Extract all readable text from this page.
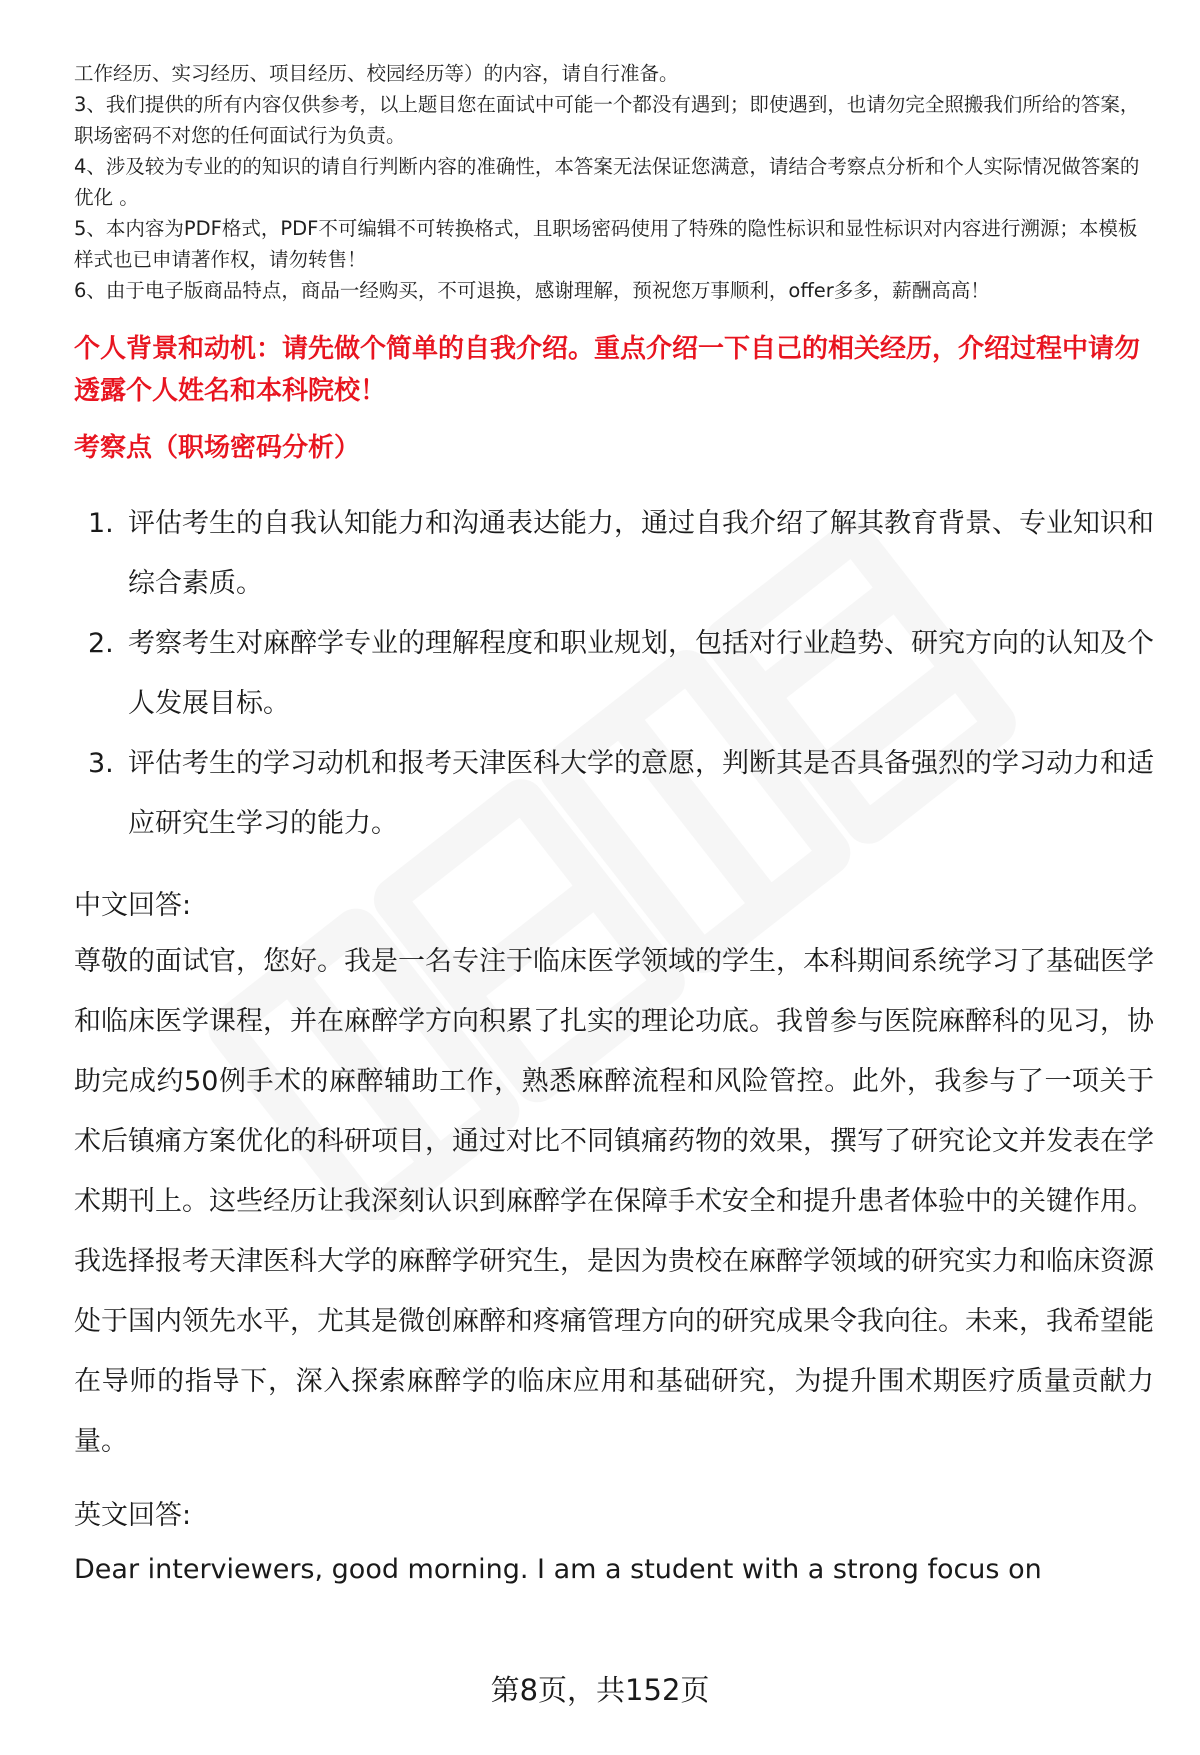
工作经历、实习经历、项目经历、校园经历等）的内容，请自行准备。
3、我们提供的所有内容仅供参考，以上题目您在面试中可能一个都没有遇到；即使遇到，也请勿完全照搬我们所给的答案，职场密码不对您的任何面试行为负责。
4、涉及较为专业的的知识的请自行判断内容的准确性，本答案无法保证您满意，请结合考察点分析和个人实际情况做答案的优化 。
5、本内容为PDF格式，PDF不可编辑不可转换格式，且职场密码使用了特殊的隐性标识和显性标识对内容进行溯源；本模板样式也已申请著作权，请勿转售！
6、由于电子版商品特点，商品一经购买，不可退换，感谢理解，预祝您万事顺利，offer多多，薪酬高高！
个人背景和动机：请先做个简单的自我介绍。重点介绍一下自己的相关经历，介绍过程中请勿透露个人姓名和本科院校！
考察点（职场密码分析）
1. 评估考生的自我认知能力和沟通表达能力，通过自我介绍了解其教育背景、专业知识和综合素质。
2. 考察考生对麻醉学专业的理解程度和职业规划，包括对行业趋势、研究方向的认知及个人发展目标。
3. 评估考生的学习动机和报考天津医科大学的意愿，判断其是否具备强烈的学习动力和适应研究生学习的能力。
中文回答:

尊敬的面试官，您好。我是一名专注于临床医学领域的学生，本科期间系统学习了基础医学和临床医学课程，并在麻醉学方向积累了扎实的理论功底。我曾参与医院麻醉科的见习，协助完成约50例手术的麻醉辅助工作，熟悉麻醉流程和风险管控。此外，我参与了一项关于术后镇痛方案优化的科研项目，通过对比不同镇痛药物的效果，撰写了研究论文并发表在学术期刊上。这些经历让我深刻认识到麻醉学在保障手术安全和提升患者体验中的关键作用。我选择报考天津医科大学的麻醉学研究生，是因为贵校在麻醉学领域的研究实力和临床资源处于国内领先水平，尤其是微创麻醉和疼痛管理方向的研究成果令我向往。未来，我希望能在导师的指导下，深入探索麻醉学的临床应用和基础研究，为提升围术期医疗质量贡献力量。

英文回答:

Dear interviewers, good morning. I am a student with a strong focus on

第8页，共152页
